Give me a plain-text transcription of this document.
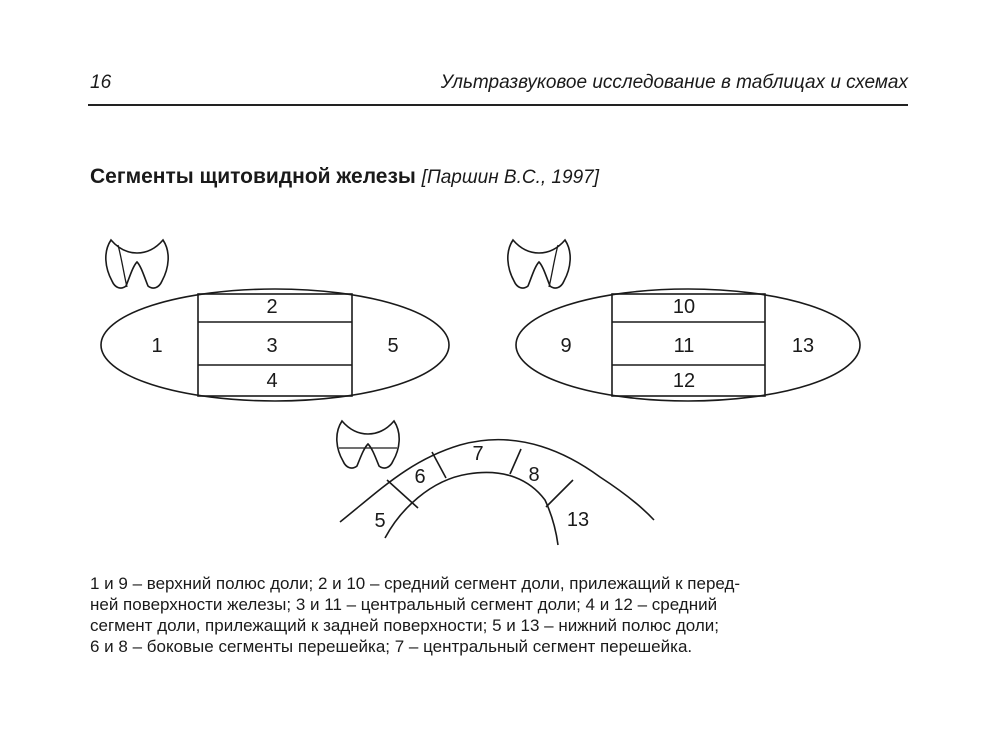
16	Ультразвуковое исследование в таблицах и схемах
Сегменты щитовидной железы [Паршин В.С., 1997]
1
2
3
4
5	9
10
11
12
13
5
6
7
8
13

1 и 9 – верхний полюс доли; 2 и 10 – средний сегмент доли, прилежащий к перед-
ней поверхности железы; 3 и 11 – центральный сегмент доли; 4 и 12 – средний
сегмент доли, прилежащий к задней поверхности; 5 и 13 – нижний полюс доли;
6 и 8 – боковые сегменты перешейка; 7 – центральный сегмент перешейка.
